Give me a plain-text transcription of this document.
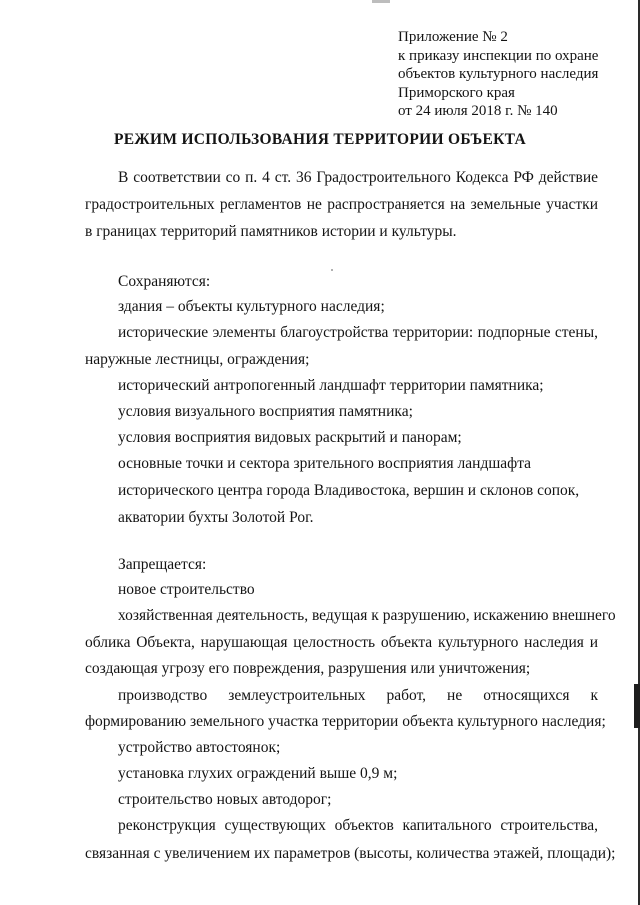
Приложение № 2
к приказу инспекции по охране
объектов культурного наследия
Приморского края
от 24 июля 2018 г. № 140
РЕЖИМ ИСПОЛЬЗОВАНИЯ ТЕРРИТОРИИ ОБЪЕКТА
В соответствии со п. 4 ст. 36 Градостроительного Кодекса РФ действие градостроительных регламентов не распространяется на земельные участки в границах территорий памятников истории и культуры.
Сохраняются:
здания – объекты культурного наследия;
исторические элементы благоустройства территории: подпорные стены,
наружные лестницы, ограждения;
исторический антропогенный ландшафт территории памятника;
условия визуального восприятия памятника;
условия восприятия видовых раскрытий и панорам;
основные точки и сектора зрительного восприятия ландшафта
исторического центра города Владивостока, вершин и склонов сопок,
акватории бухты Золотой Рог.
Запрещается:
новое строительство
хозяйственная деятельность, ведущая к разрушению, искажению внешнего
облика Объекта, нарушающая целостность объекта культурного наследия и
создающая угрозу его повреждения, разрушения или уничтожения;
производство землеустроительных работ, не относящихся к
формированию земельного участка территории объекта культурного наследия;
устройство автостоянок;
установка глухих ограждений выше 0,9 м;
строительство новых автодорог;
реконструкция существующих объектов капитального строительства,
связанная с увеличением их параметров (высоты, количества этажей, площади);
